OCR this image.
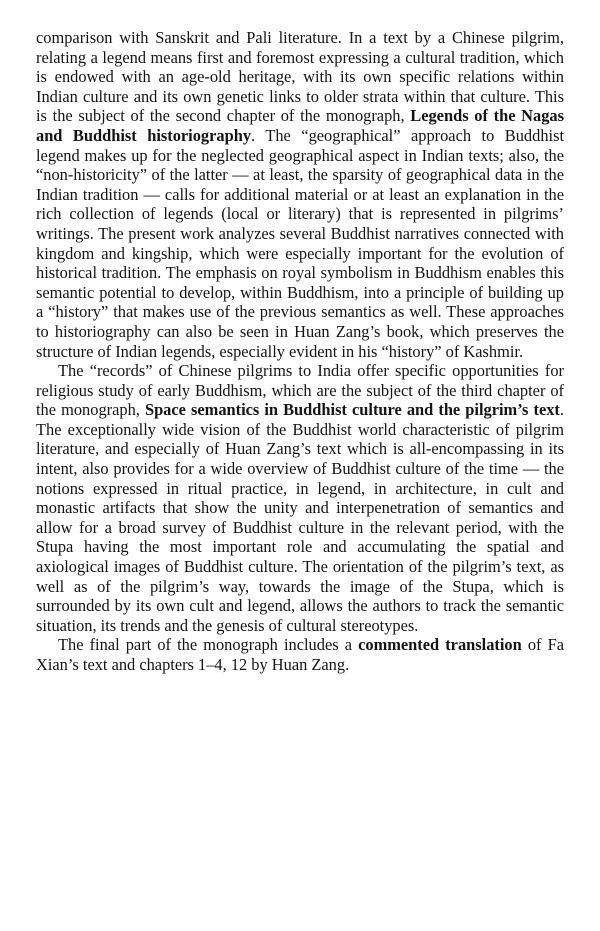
comparison with Sanskrit and Pali literature. In a text by a Chinese pilgrim, relating a legend means first and foremost expressing a cultural tradition, which is endowed with an age-old heritage, with its own specific relations within Indian culture and its own genetic links to older strata within that culture. This is the subject of the second chapter of the monograph, Legends of the Nagas and Buddhist historiography. The “geographical” approach to Buddhist legend makes up for the neglected geographical aspect in Indian texts; also, the “non-historicity” of the latter — at least, the sparsity of geographical data in the Indian tradition — calls for additional material or at least an explanation in the rich collection of legends (local or literary) that is represented in pilgrims’ writings. The present work analyzes several Buddhist narratives connected with kingdom and kingship, which were especially important for the evolution of historical tradition. The emphasis on royal symbolism in Buddhism enables this semantic potential to develop, within Buddhism, into a principle of building up a “history” that makes use of the previous semantics as well. These approaches to historiography can also be seen in Huan Zang’s book, which preserves the structure of Indian legends, especially evident in his “history” of Kashmir.

The “records” of Chinese pilgrims to India offer specific opportunities for religious study of early Buddhism, which are the subject of the third chapter of the monograph, Space semantics in Buddhist culture and the pilgrim’s text. The exceptionally wide vision of the Buddhist world characteristic of pilgrim literature, and especially of Huan Zang’s text which is all-encompassing in its intent, also provides for a wide overview of Buddhist culture of the time — the notions expressed in ritual practice, in legend, in architecture, in cult and monastic artifacts that show the unity and interpenetration of semantics and allow for a broad survey of Buddhist culture in the relevant period, with the Stupa having the most important role and accumulating the spatial and axiological images of Buddhist culture. The orientation of the pilgrim’s text, as well as of the pilgrim’s way, towards the image of the Stupa, which is surrounded by its own cult and legend, allows the authors to track the semantic situation, its trends and the genesis of cultural stereotypes.

The final part of the monograph includes a commented translation of Fa Xian’s text and chapters 1–4, 12 by Huan Zang.
